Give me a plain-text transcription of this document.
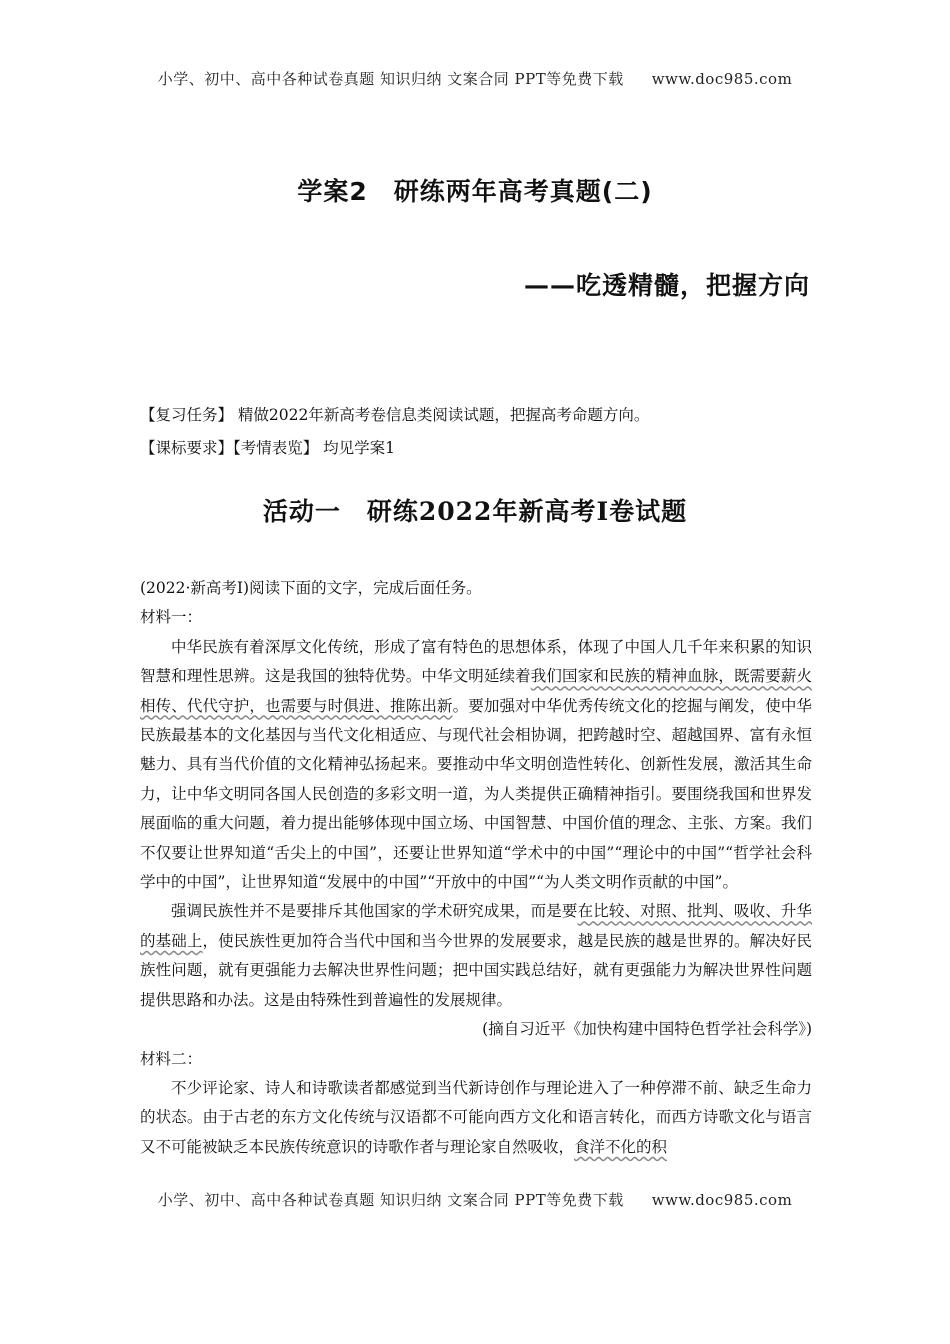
小学、初中、高中各种试卷真题 知识归纳 文案合同 PPT等免费下载 www.doc985.com
学案2　研练两年高考真题(二)
——吃透精髓，把握方向
【复习任务】 精做2022年新高考卷信息类阅读试题，把握高考命题方向。
【课标要求】【考情表览】 均见学案1
活动一　研练2022年新高考Ⅰ卷试题

(2022·新高考Ⅰ)阅读下面的文字，完成后面任务。

材料一：

中华民族有着深厚文化传统，形成了富有特色的思想体系，体现了中国人几千年来积累的知识智慧和理性思辨。这是我国的独特优势。中华文明延续着我们国家和民族的精神血脉，既需要薪火相传、代代守护，也需要与时俱进、推陈出新。要加强对中华优秀传统文化的挖掘与阐发，使中华民族最基本的文化基因与当代文化相适应、与现代社会相协调，把跨越时空、超越国界、富有永恒魅力、具有当代价值的文化精神弘扬起来。要推动中华文明创造性转化、创新性发展，激活其生命力，让中华文明同各国人民创造的多彩文明一道，为人类提供正确精神指引。要围绕我国和世界发展面临的重大问题，着力提出能够体现中国立场、中国智慧、中国价值的理念、主张、方案。我们不仅要让世界知道“舌尖上的中国”，还要让世界知道“学术中的中国”“理论中的中国”“哲学社会科学中的中国”，让世界知道“发展中的中国”“开放中的中国”“为人类文明作贡献的中国”。

强调民族性并不是要排斥其他国家的学术研究成果，而是要在比较、对照、批判、吸收、升华的基础上，使民族性更加符合当代中国和当今世界的发展要求，越是民族的越是世界的。解决好民族性问题，就有更强能力去解决世界性问题；把中国实践总结好，就有更强能力为解决世界性问题提供思路和办法。这是由特殊性到普遍性的发展规律。

(摘自习近平《加快构建中国特色哲学社会科学》)

材料二：

不少评论家、诗人和诗歌读者都感觉到当代新诗创作与理论进入了一种停滞不前、缺乏生命力的状态。由于古老的东方文化传统与汉语都不可能向西方文化和语言转化，而西方诗歌文化与语言又不可能被缺乏本民族传统意识的诗歌作者与理论家自然吸收，食洋不化的积

小学、初中、高中各种试卷真题 知识归纳 文案合同 PPT等免费下载 www.doc985.com
